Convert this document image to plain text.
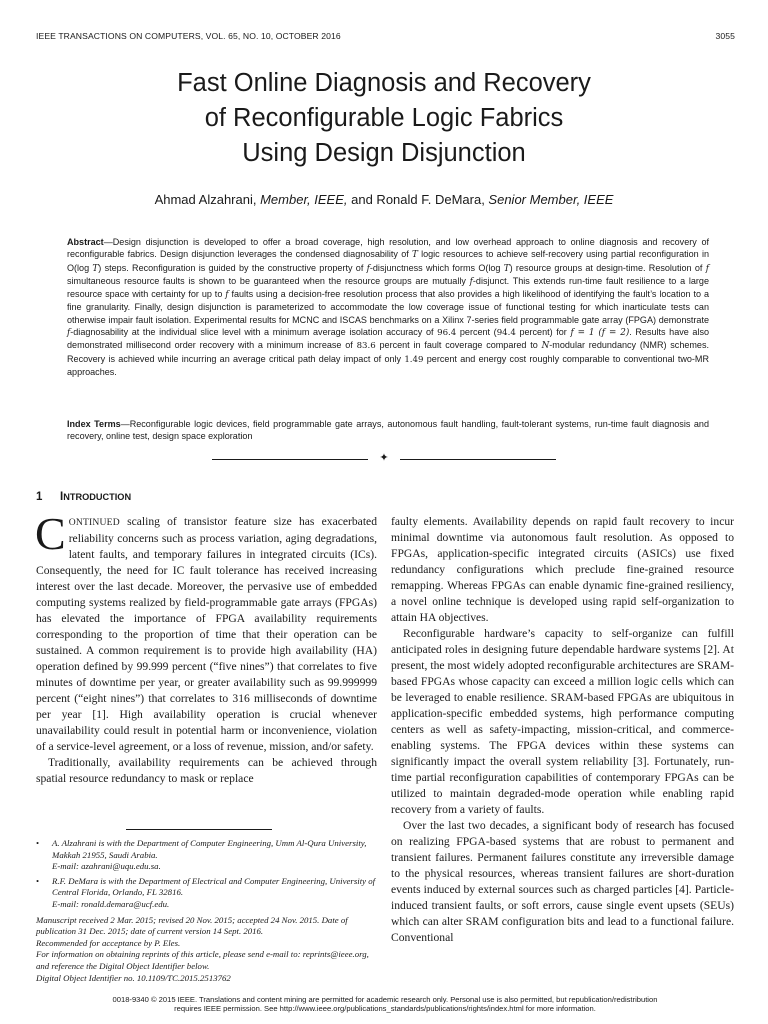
IEEE TRANSACTIONS ON COMPUTERS, VOL. 65, NO. 10, OCTOBER 2016	3055
Fast Online Diagnosis and Recovery
of Reconfigurable Logic Fabrics
Using Design Disjunction
Ahmad Alzahrani, Member, IEEE, and Ronald F. DeMara, Senior Member, IEEE
Abstract—Design disjunction is developed to offer a broad coverage, high resolution, and low overhead approach to online diagnosis and recovery of reconfigurable fabrics. Design disjunction leverages the condensed diagnosability of T logic resources to achieve self-recovery using partial reconfiguration in O(log T) steps. Reconfiguration is guided by the constructive property of f-disjunctness which forms O(log T) resource groups at design-time. Resolution of f simultaneous resource faults is shown to be guaranteed when the resource groups are mutually f-disjunct. This extends run-time fault resilience to a large resource space with certainty for up to f faults using a decision-free resolution process that also provides a high likelihood of identifying the fault’s location to a fine granularity. Finally, design disjunction is parameterized to accommodate the low coverage issue of functional testing for which inarticulate tests can otherwise impair fault isolation. Experimental results for MCNC and ISCAS benchmarks on a Xilinx 7-series field programmable gate array (FPGA) demonstrate f-diagnosability at the individual slice level with a minimum average isolation accuracy of 96.4 percent (94.4 percent) for f = 1 (f = 2). Results have also demonstrated millisecond order recovery with a minimum increase of 83.6 percent in fault coverage compared to N-modular redundancy (NMR) schemes. Recovery is achieved while incurring an average critical path delay impact of only 1.49 percent and energy cost roughly comparable to conventional two-MR approaches.
Index Terms—Reconfigurable logic devices, field programmable gate arrays, autonomous fault handling, fault-tolerant systems, run-time fault diagnosis and recovery, online test, design space exploration
✦
1 INTRODUCTION

CONTINUED scaling of transistor feature size has exacerbated reliability concerns such as process variation, aging degradations, latent faults, and temporary failures in integrated circuits (ICs). Consequently, the need for IC fault tolerance has received increasing interest over the last decade. Moreover, the pervasive use of embedded computing systems realized by field-programmable gate arrays (FPGAs) has elevated the importance of FPGA availability requirements corresponding to the proportion of time that their operation can be sustained. A common requirement is to provide high availability (HA) operation defined by 99.999 percent (“five nines”) that correlates to five minutes of downtime per year, or greater availability such as 99.999999 percent (“eight nines”) that correlates to 316 milliseconds of downtime per year [1]. High availability operation is crucial whenever unavailability could result in potential harm or inconvenience, violation of a service-level agreement, or a loss of revenue, mission, and/or safety.

Traditionally, availability requirements can be achieved through spatial resource redundancy to mask or replace

faulty elements. Availability depends on rapid fault recovery to incur minimal downtime via autonomous fault resolution. As opposed to FPGAs, application-specific integrated circuits (ASICs) use fixed redundancy configurations which preclude fine-grained resource remapping. Whereas FPGAs can enable dynamic fine-grained resiliency, a novel online technique is developed using rapid self-organization to attain HA objectives.

Reconfigurable hardware’s capacity to self-organize can fulfill anticipated roles in designing future dependable hardware systems [2]. At present, the most widely adopted reconfigurable architectures are SRAM-based FPGAs whose capacity can exceed a million logic cells which can be leveraged to enable resilience. SRAM-based FPGAs are ubiquitous in application-specific embedded systems, high performance computing centers as well as safety-impacting, mission-critical, and commerce-enabling systems. The FPGA devices within these systems can significantly impact the overall system reliability [3]. Fortunately, run-time partial reconfiguration capabilities of contemporary FPGAs can be utilized to maintain degraded-mode operation while enabling rapid recovery from a variety of faults.

Over the last two decades, a significant body of research has focused on realizing FPGA-based systems that are robust to permanent and transient failures. Permanent failures constitute any irreversible damage to the physical resources, whereas transient failures are short-duration events induced by external sources such as charged particles [4]. Particle-induced transient faults, or soft errors, cause single event upsets (SEUs) which can alter SRAM configuration bits and lead to a functional failure. Conventional

• A. Alzahrani is with the Department of Computer Engineering, Umm Al-Qura University, Makkah 21955, Saudi Arabia.
E-mail: azahrani@uqu.edu.sa.
• R.F. DeMara is with the Department of Electrical and Computer Engineering, University of Central Florida, Orlando, FL 32816.
E-mail: ronald.demara@ucf.edu.
Manuscript received 2 Mar. 2015; revised 20 Nov. 2015; accepted 24 Nov. 2015. Date of publication 31 Dec. 2015; date of current version 14 Sept. 2016.
Recommended for acceptance by P. Eles.
For information on obtaining reprints of this article, please send e-mail to: reprints@ieee.org, and reference the Digital Object Identifier below.
Digital Object Identifier no. 10.1109/TC.2015.2513762
0018-9340 © 2015 IEEE. Translations and content mining are permitted for academic research only. Personal use is also permitted, but republication/redistribution
requires IEEE permission. See http://www.ieee.org/publications_standards/publications/rights/index.html for more information.
